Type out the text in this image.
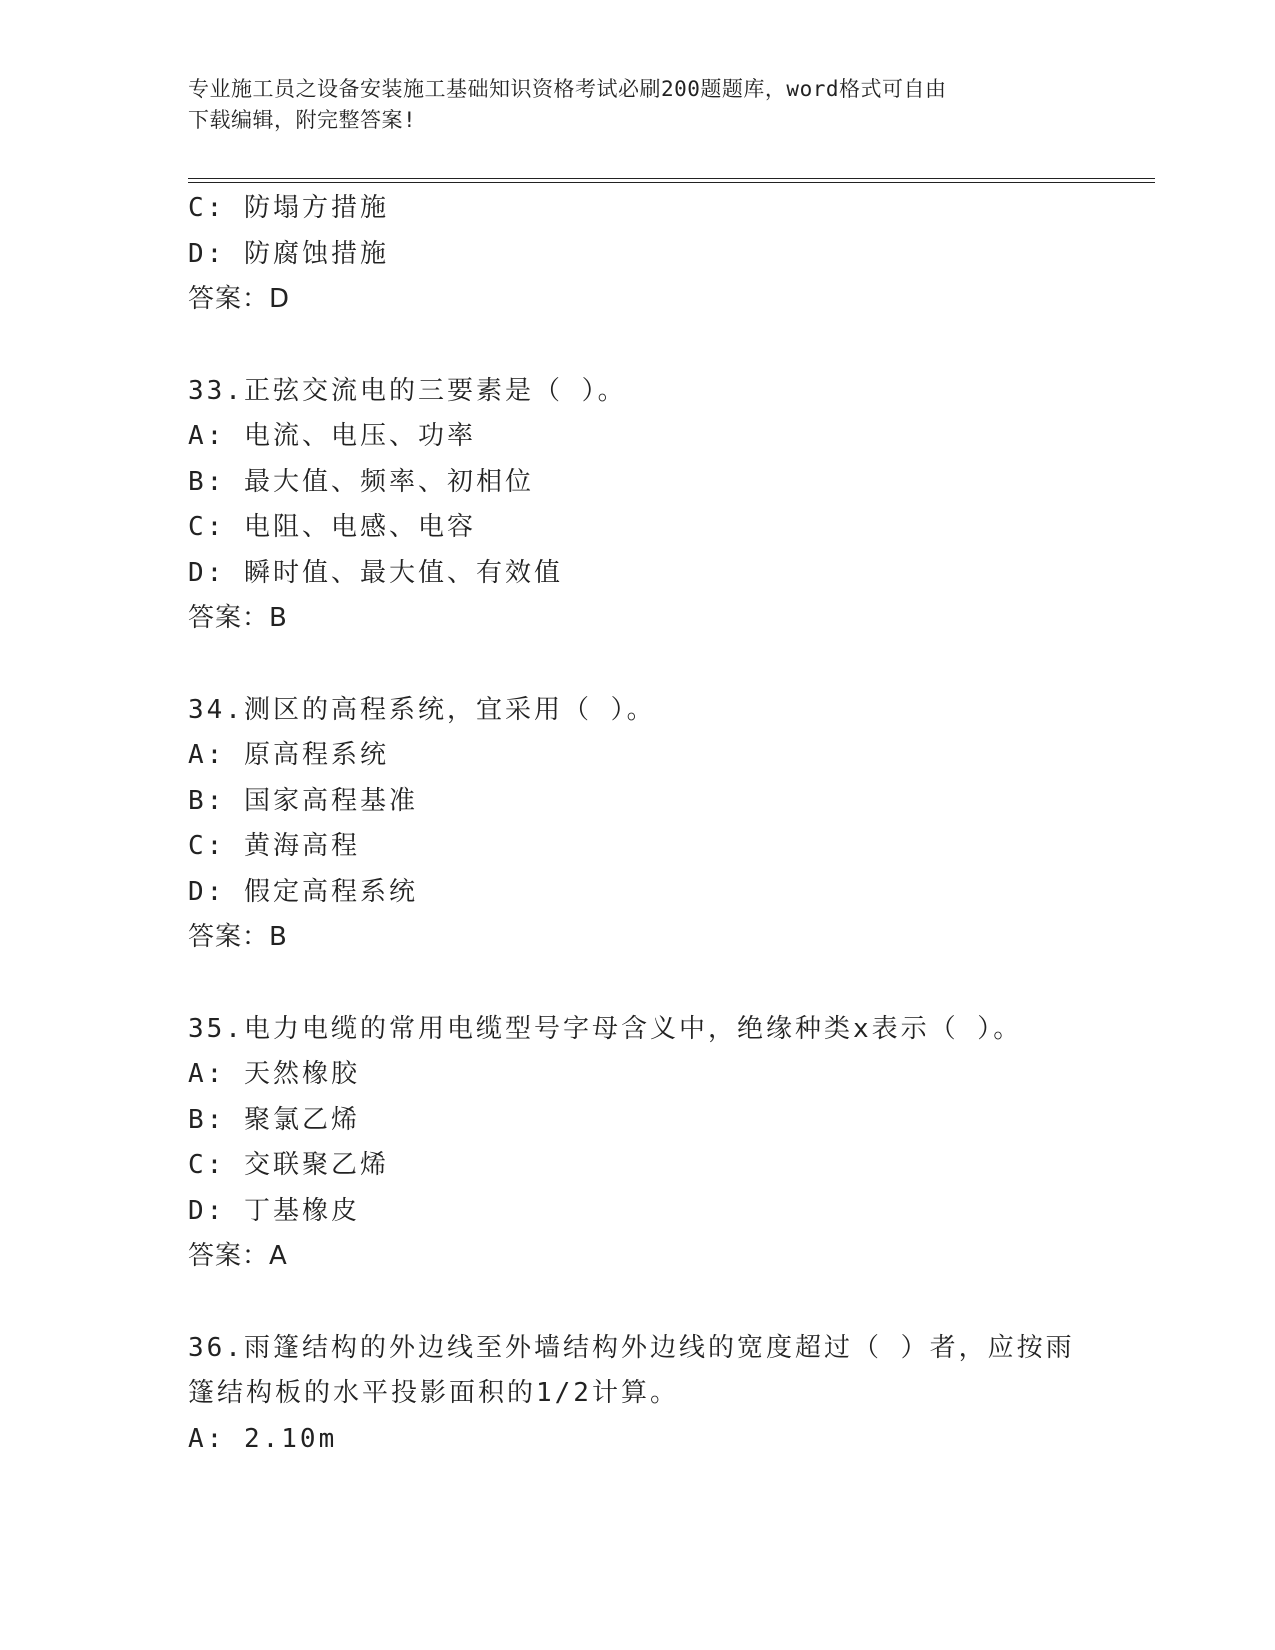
专业施工员之设备安装施工基础知识资格考试必刷200题题库，word格式可自由
下载编辑，附完整答案!
C: 防塌方措施
D: 防腐蚀措施
答案：D
33.正弦交流电的三要素是（ ）。
A: 电流、电压、功率
B: 最大值、频率、初相位
C: 电阻、电感、电容
D: 瞬时值、最大值、有效值
答案：B
34.测区的高程系统，宜采用（ ）。
A: 原高程系统
B: 国家高程基准
C: 黄海高程
D: 假定高程系统
答案：B
35.电力电缆的常用电缆型号字母含义中，绝缘种类x表示（ ）。
A: 天然橡胶
B: 聚氯乙烯
C: 交联聚乙烯
D: 丁基橡皮
答案：A
36.雨篷结构的外边线至外墙结构外边线的宽度超过（ ）者，应按雨
篷结构板的水平投影面积的1/2计算。
A: 2.10m
